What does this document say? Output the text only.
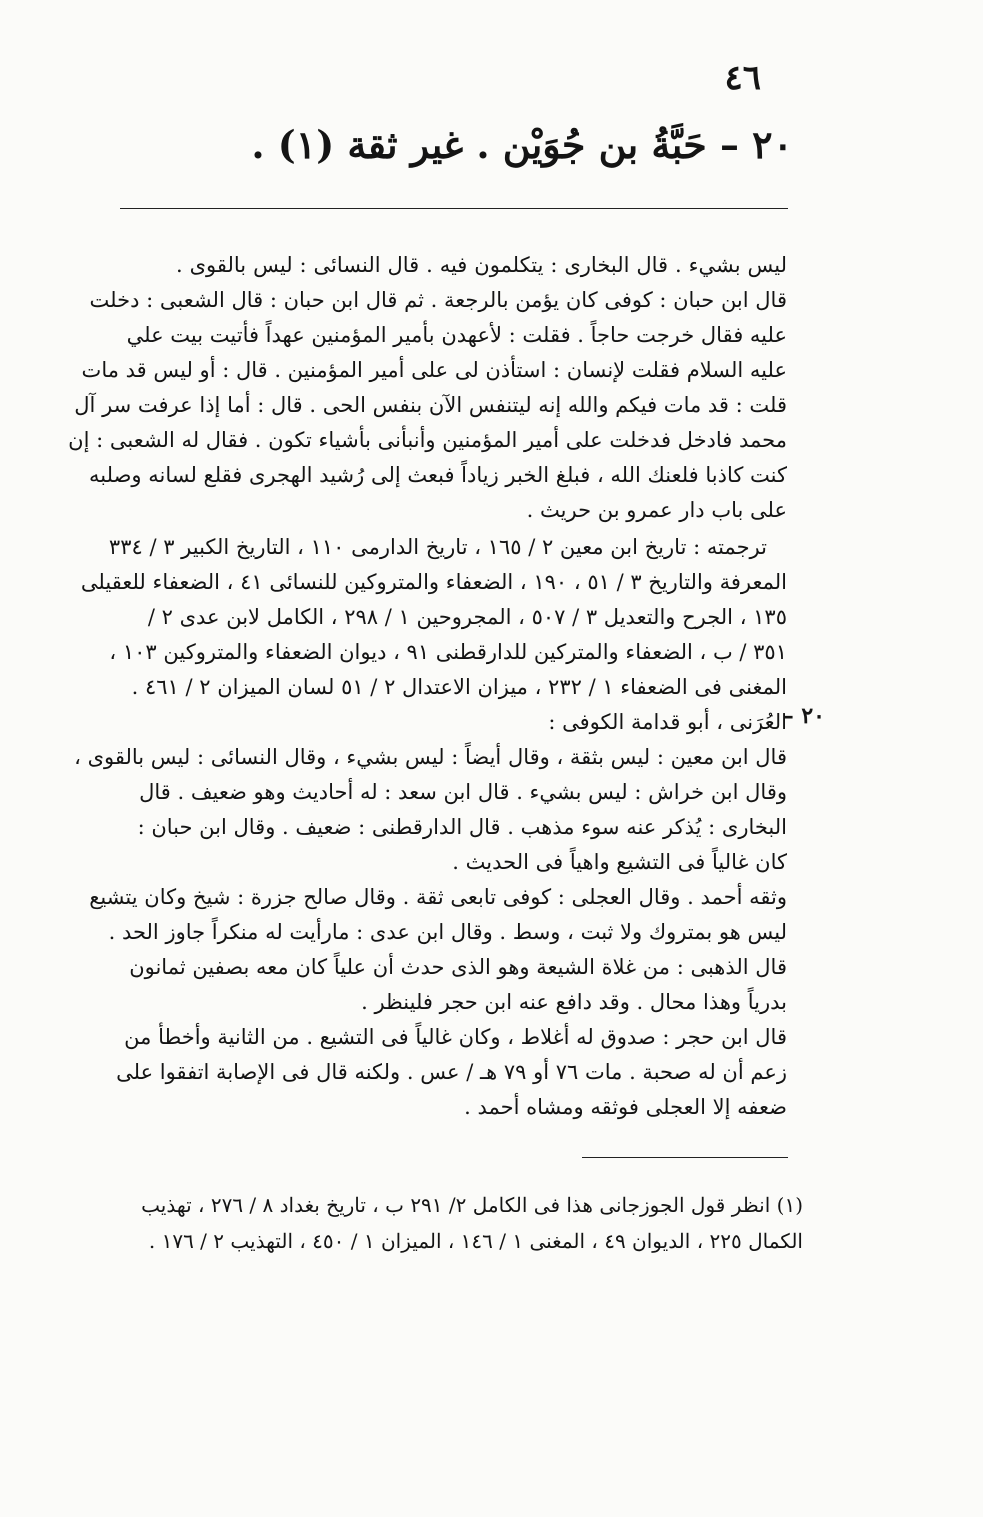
٤٦
٢٠ – حَبَّةُ بن جُوَيْن . غير ثقة (١) .
ليس بشيء . قال البخارى : يتكلمون فيه . قال النسائى : ليس بالقوى .
قال ابن حبان : كوفى كان يؤمن بالرجعة . ثم قال ابن حبان : قال الشعبى : دخلت
عليه فقال خرجت حاجاً . فقلت : لأعهدن بأمير المؤمنين عهداً فأتيت بيت علي
عليه السلام فقلت لإنسان : استأذن لى على أمير المؤمنين . قال : أو ليس قد مات
قلت : قد مات فيكم والله إنه ليتنفس الآن بنفس الحى . قال : أما إذا عرفت سر آل
محمد فادخل فدخلت على أمير المؤمنين وأنبأنى بأشياء تكون . فقال له الشعبى : إن
كنت كاذبا فلعنك الله ، فبلغ الخبر زياداً فبعث إلى رُشيد الهجرى فقلع لسانه وصلبه
على باب دار عمرو بن حريث .
ترجمته : تاريخ ابن معين ٢ / ١٦٥ ، تاريخ الدارمى ١١٠ ، التاريخ الكبير ٣ / ٣٣٤
المعرفة والتاريخ ٣ / ٥١ ، ١٩٠ ، الضعفاء والمتروكين للنسائى ٤١ ، الضعفاء للعقيلى
١٣٥ ، الجرح والتعديل ٣ / ٥٠٧ ، المجروحين ١ / ٢٩٨ ، الكامل لابن عدى ٢ /
٣٥١ / ب ، الضعفاء والمتركين للدارقطنى ٩١ ، ديوان الضعفاء والمتروكين ١٠٣ ،
المغنى فى الضعفاء ١ / ٢٣٢ ، ميزان الاعتدال ٢ / ٥١ لسان الميزان ٢ / ٤٦١ .
٢٠ –
العُرَنى ، أبو قدامة الكوفى :
قال ابن معين : ليس بثقة ، وقال أيضاً : ليس بشيء ، وقال النسائى : ليس بالقوى ،
وقال ابن خراش : ليس بشيء . قال ابن سعد : له أحاديث وهو ضعيف . قال
البخارى : يُذكر عنه سوء مذهب . قال الدارقطنى : ضعيف . وقال ابن حبان :
كان غالياً فى التشيع واهياً فى الحديث .
وثقه أحمد . وقال العجلى : كوفى تابعى ثقة . وقال صالح جزرة : شيخ وكان يتشيع
ليس هو بمتروك ولا ثبت ، وسط . وقال ابن عدى : مارأيت له منكراً جاوز الحد .
قال الذهبى : من غلاة الشيعة وهو الذى حدث أن علياً كان معه بصفين ثمانون
بدرياً وهذا محال . وقد دافع عنه ابن حجر فلينظر .
قال ابن حجر : صدوق له أغلاط ، وكان غالياً فى التشيع . من الثانية وأخطأ من
زعم أن له صحبة . مات ٧٦ أو ٧٩ هـ / عس . ولكنه قال فى الإصابة اتفقوا على
ضعفه إلا العجلى فوثقه ومشاه أحمد .
(١) انظر قول الجوزجانى هذا فى الكامل ٢/ ٢٩١ ب ، تاريخ بغداد ٨ / ٢٧٦ ، تهذيب
الكمال ٢٢٥ ، الديوان ٤٩ ، المغنى ١ / ١٤٦ ، الميزان ١ / ٤٥٠ ، التهذيب ٢ / ١٧٦ .
